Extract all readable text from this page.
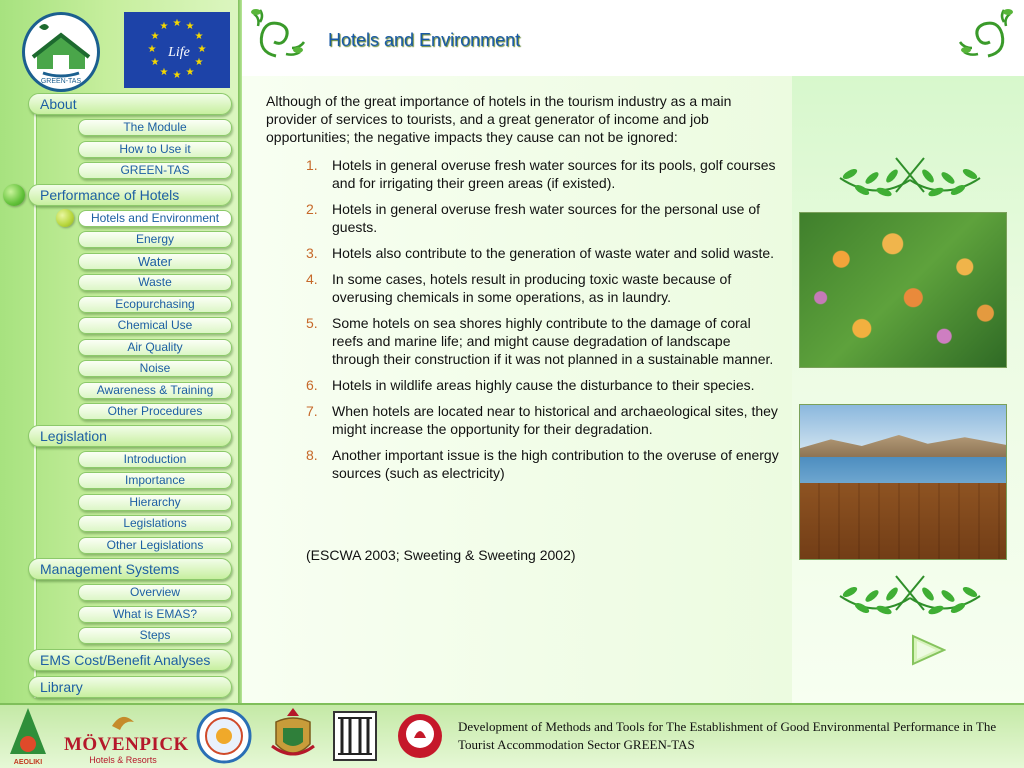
GREEN-TAS
★ ★
★
★
★
★
★
★
★
★
★
★
Life
About
The Module
How to Use it
GREEN-TAS
Performance of Hotels
Hotels and Environment
Energy
Water
Waste
Ecopurchasing
Chemical Use
Air Quality
Noise
Awareness & Training
Other Procedures
Legislation
Introduction
Importance
Hierarchy
Legislations
Other Legislations
Management Systems
Overview
What is EMAS?
Steps
EMS Cost/Benefit Analyses
Library
Hotels and Environment

Although of the great importance of hotels in the tourism industry as a main provider of services to tourists, and a great generator of income and job opportunities; the negative impacts they cause can not be ignored:

1. Hotels in general overuse fresh water sources for its pools, golf courses and for irrigating their green areas (if existed).
2. Hotels in general overuse fresh water sources for the personal use of guests.
3. Hotels also contribute to the generation of waste water and solid waste.
4. In some cases, hotels result in producing toxic waste because of overusing chemicals in some operations, as in laundry.
5. Some hotels on sea shores highly contribute to the damage of coral reefs and marine life; and might cause degradation of landscape through their construction if it was not planned in a sustainable manner.
6. Hotels in wildlife areas highly cause the disturbance to their species.
7. When hotels are located near to historical and archaeological sites, they might increase the opportunity for their degradation.
8. Another important issue is the high contribution to the overuse of energy sources (such as electricity)

(ESCWA 2003; Sweeting & Sweeting 2002)

AEOLIKI
MÖVENPICK
Hotels & Resorts
Development of Methods and Tools for The Establishment of Good Environmental Performance in The Tourist Accommodation Sector GREEN-TAS
